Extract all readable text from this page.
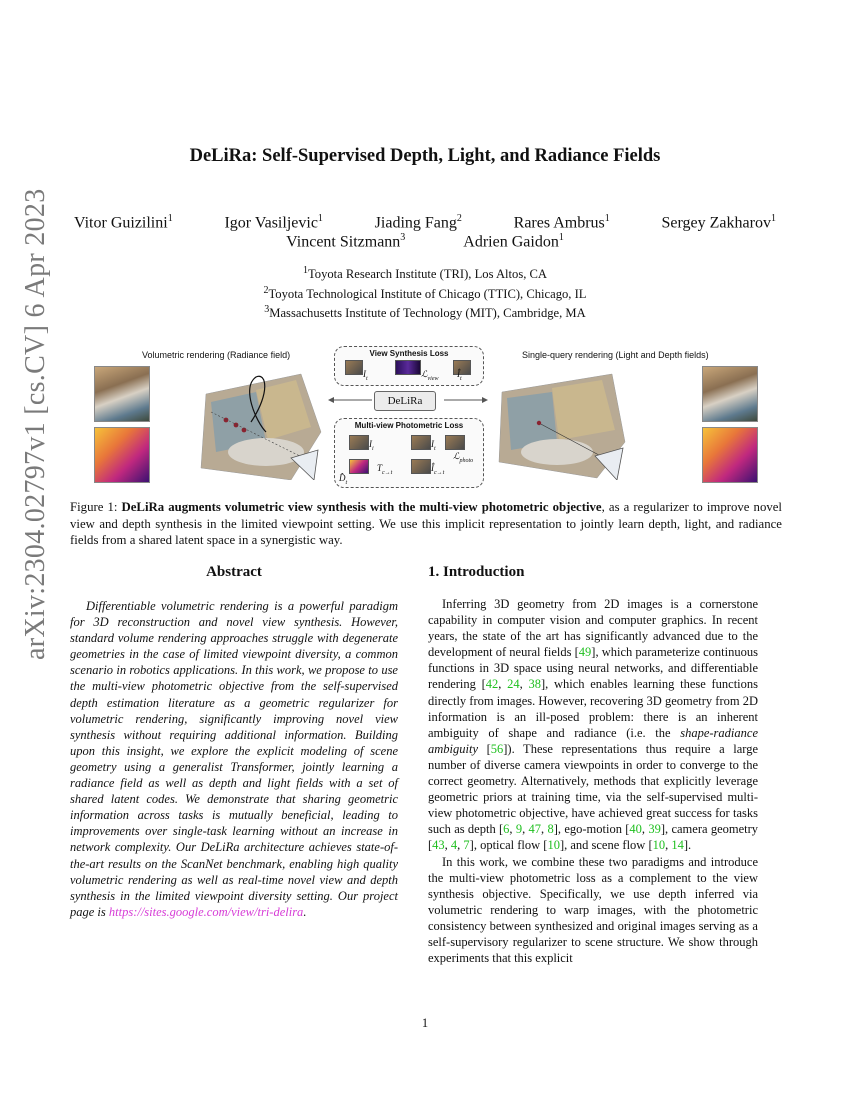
arXiv:2304.02797v1 [cs.CV] 6 Apr 2023
DeLiRa: Self-Supervised Depth, Light, and Radiance Fields
Vitor Guizilini$^1$	Igor Vasiljevic$^1$	Jiading Fang$^2$	Rares Ambrus$^1$	Sergey Zakharov$^1$
Vincent Sitzmann$^3$	Adrien Gaidon$^1$
$^1$Toyota Research Institute (TRI), Los Altos, CA
$^2$Toyota Technological Institute of Chicago (TTIC), Chicago, IL
$^3$Massachusetts Institute of Technology (MIT), Cambridge, MA
Volumetric rendering (Radiance field)	Single-query rendering (Light and Depth fields)
View Synthesis Loss
$I_t$	ℒ$_{view}$ $Î_t$
DeLiRa
Multi-view Photometric Loss
$I_i$	$I_t$
ℒ$_{photo}$
$D̂_t$
$T_{c\to t}$	$Î_{c\to t}$
Figure 1: DeLiRa augments volumetric view synthesis with the multi-view photometric objective, as a regularizer to improve novel view and depth synthesis in the limited viewpoint setting. We use this implicit representation to jointly learn depth, light, and radiance fields from a shared latent space in a synergistic way.
Abstract

Differentiable volumetric rendering is a powerful paradigm for 3D reconstruction and novel view synthesis. However, standard volume rendering approaches struggle with degenerate geometries in the case of limited viewpoint diversity, a common scenario in robotics applications. In this work, we propose to use the multi-view photometric objective from the self-supervised depth estimation literature as a geometric regularizer for volumetric rendering, significantly improving novel view synthesis without requiring additional information. Building upon this insight, we explore the explicit modeling of scene geometry using a generalist Transformer, jointly learning a radiance field as well as depth and light fields with a set of shared latent codes. We demonstrate that sharing geometric information across tasks is mutually beneficial, leading to improvements over single-task learning without an increase in network complexity. Our DeLiRa architecture achieves state-of-the-art results on the ScanNet benchmark, enabling high quality volumetric rendering as well as real-time novel view and depth synthesis in the limited viewpoint diversity setting. Our project page is https://sites.google.com/view/tri-delira.

1. Introduction

Inferring 3D geometry from 2D images is a cornerstone capability in computer vision and computer graphics. In recent years, the state of the art has significantly advanced due to the development of neural fields [49], which parameterize continuous functions in 3D space using neural networks, and differentiable rendering [42, 24, 38], which enables learning these functions directly from images. However, recovering 3D geometry from 2D information is an ill-posed problem: there is an inherent ambiguity of shape and radiance (i.e. the shape-radiance ambiguity [56]). These representations thus require a large number of diverse camera viewpoints in order to converge to the correct geometry. Alternatively, methods that explicitly leverage geometric priors at training time, via the self-supervised multi-view photometric objective, have achieved great success for tasks such as depth [6, 9, 47, 8], ego-motion [40, 39], camera geometry [43, 4, 7], optical flow [10], and scene flow [10, 14].

In this work, we combine these two paradigms and introduce the multi-view photometric loss as a complement to the view synthesis objective. Specifically, we use depth inferred via volumetric rendering to warp images, with the photometric consistency between synthesized and original images serving as a self-supervisory regularizer to scene structure. We show through experiments that this explicit

1
